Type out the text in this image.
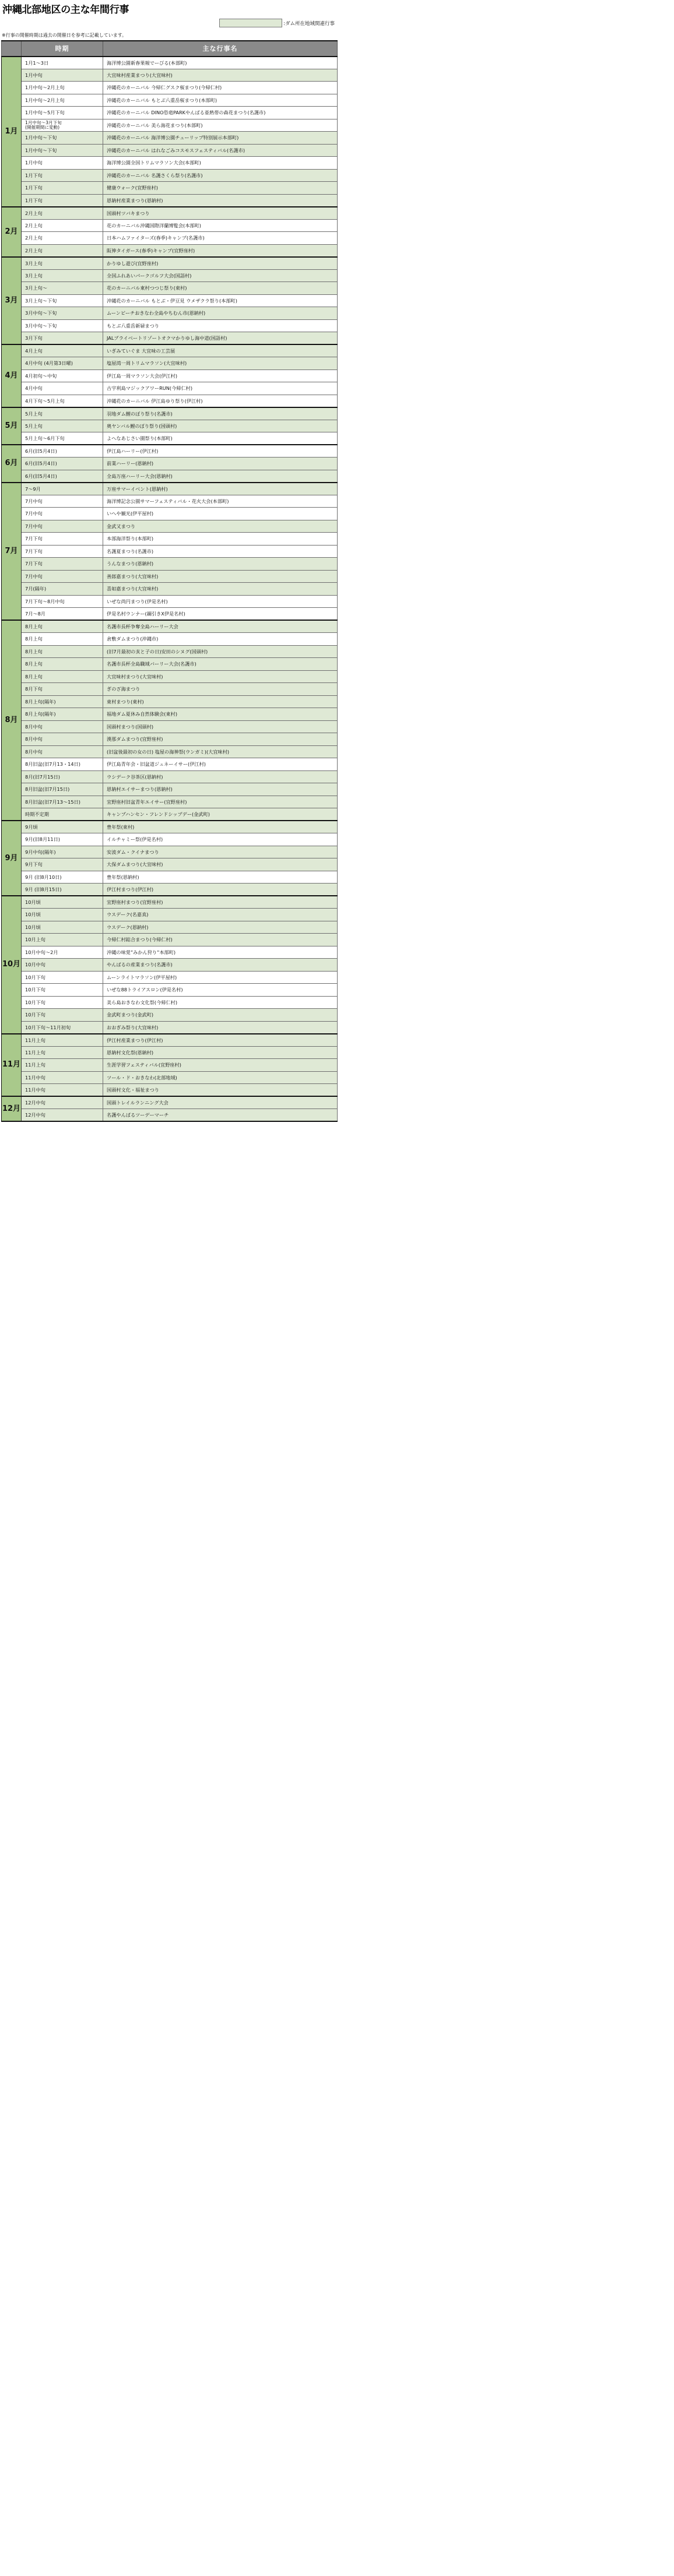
沖縄北部地区の主な年間行事
:ダム所在地域関連行事
※行事の開催時期は過去の開催日を参考に記載しています。
	時期	主な行事名
1月	1月1～3日	海洋博公園新春果報でーびる(本部町)
	1月中旬	大宜味村産業まつり(大宜味村)
	1月中旬～2月上旬	沖縄花のカーニバル 今帰仁グスク桜まつり(今帰仁村)
	1月中旬～2月上旬	沖縄花のカーニバル もとぶ八重岳桜まつり(本部町)
	1月中旬～5月下旬	沖縄花のカーニバル DINO恐竜PARKやんばる亜熱帯の森花まつり(名護市)
	1月中旬～3月下旬
(開催期間に変動)	沖縄花のカーニバル 美ら海花まつり(本部町)
	1月中旬～下旬	沖縄花のカーニバル 海洋博公園チューリップ特別展示本部町)
	1月中旬～下旬	沖縄花のカーニバル はれなごみコスモスフェスティバル(名護市)
	1月中旬	海洋博公園全国トリムマラソン大会(本部町)
	1月下旬	沖縄花のカーニバル 名護さくら祭り(名護市)
	1月下旬	健康ウォーク(宜野座村)
	1月下旬	恩納村産業まつり(恩納村)
2月	2月上旬	国頭村ツバキまつり
	2月上旬	花のカーニバル沖縄国際洋蘭博覧会(本部町)
	2月上旬	日本ハムファイターズ(春季)キャンプ(名護市)
	2月上旬	阪神タイガース(春季)キャンプ(宜野座村)
3月	3月上旬	かりゆし遊び(宜野座村)
	3月上旬	全国ふれあいパークゴルフ大会(国語村)
	3月上旬～	花のカーニバル東村つつじ祭り(東村)
	3月上旬～下旬	沖縄花のカーニバル もとぶ・伊豆見 ウメザクラ祭り(本部町)
	3月中旬～下旬	ムーンビーチおきなわ全島やちむん市(恩納村)
	3月中旬～下旬	もとぶ八重岳新緑まつり
	3月下旬	JALプライベートリゾートオクマかりゆし海中道(国語村)
4月	4月上旬	いぎみていぐま 大宜味の工芸展
	4月中旬 (4月第3日曜)	塩屋湾一周トリムマラソン(大宜味村)
	4月初旬～中旬	伊江島一周マラソン大会(伊江村)
	4月中旬	古宇利島マジックアワーRUN(今帰仁村)
	4月下旬～5月上旬	沖縄花のカーニバル 伊江島ゆり祭り(伊江村)
5月	5月上旬	羽地ダム鯉のぼり祭り(名護市)
	5月上旬	奥ヤンバル鯉のぼり祭り(国頭村)
	5月上旬～6月下旬	よへなあじさい園祭り(本部町)
6月	6月(旧5月4日)	伊江島ハーリー(伊江村)
	6月(旧5月4日)	前業ハーリー(恩納村)
	6月(旧5月4日)	全島万座ハーリー大会(恩納村)
7月	7～9月	万座サマーイベント(恩納村)
	7月中旬	海洋博記念公園サマーフェスティバル・花火大会(本部町)
	7月中旬	いへや観光(伊平屋村)
	7月中旬	金武又まつり
	7月下旬	本部海洋祭り(本部町)
	7月下旬	名護夏まつり(名護市)
	7月下旬	うんなまつり(恩納村)
	7月中旬	善郎嘉まつり(大宜味村)
	7月(隔年)	喜如嘉まつり(大宜味村)
	7月下旬～8月中旬	いぜな尚円まつり(伊是名村)
	7月～8月	伊是名村ウンナー(綱引きX伊是名村)
8月	8月上旬	名護市長杯争奪全島ハーリー大会
	8月上旬	倉敷ダムまつり(沖縄市)
	8月上旬	(旧7月最初の亥と子の日)安田のシヌグ(国頭村)
	8月上旬	名護市長杯全島職域バーリー大会(名護市)
	8月上旬	大宜味村まつり(大宜味村)
	8月下旬	ぎのざ海まつり
	8月上旬(隔年)	東村まつり(東村)
	8月上旬(隔年)	福地ダム夏休み自然体験会(東村)
	8月中旬	国頭村まつり(国頭村)
	8月中旬	漢那ダムまつり(宜野座村)
	8月中旬	(旧盆後最初の女の日) 塩屋の海神祭(ウンガミ)(大宜味村)
	8月旧盆(旧7月13・14日)	伊江島青年会・旧盆道ジュネーイサー(伊江村)
	8月(旧7月15日)	ウシデーク谷茶区(恩納村)
	8月旧盆(旧7月15日)	恩納村エイサーまつり(恩納村)
	8月旧盆(旧7月13～15日)	宜野座村旧盆青年エイサー(宜野座村)
	時期不定期	キャンプハンセン・フレンドシップデー(金武町)
9月	9月頃	豊年祭(東村)
	9月(旧8月11日)	イルチャミー祭(伊是名村)
	9月中旬(隔年)	安波ダム・クイナまつり
	9月下旬	大保ダムまつり(大宜味村)
	9月 (旧8月10日)	豊年祭(恩納村)
	9月 (旧8月15日)	伊江村まつり(伊江村)
10月	10月頃	宜野座村まつり(宜野座村)
	10月頃	ウスデーク(名嘉真)
	10月頃	ウスデーク(恩納村)
	10月上旬	今帰仁村総合まつり(今帰仁村)
	10月中旬～2月	沖縄の味覚”みかん狩り”本部町)
	10月中旬	やんばるの産業まつり(名護市)
	10月下旬	ムーンライトマラソン(伊平屋村)
	10月下旬	いぜな88トライアスロン(伊是名村)
	10月下旬	美ら島おきなわ文化祭(今帰仁村)
	10月下旬	金武町まつり(金武町)
	10月下旬～11月初旬	おおぎみ祭り(大宜味村)
11月	11月上旬	伊江村産業まつり(伊江村)
	11月上旬	恩納村文化祭(恩納村)
	11月上旬	生涯学習フェスティバル(宜野座村)
	11月中旬	ツール・ド・おきなわ(北部地域)
	11月中旬	国頭村文化・福祉まつり
12月	12月中旬	国頭トレイルランニング大会
	12月中旬	名護やんばるツーデーマーチ
